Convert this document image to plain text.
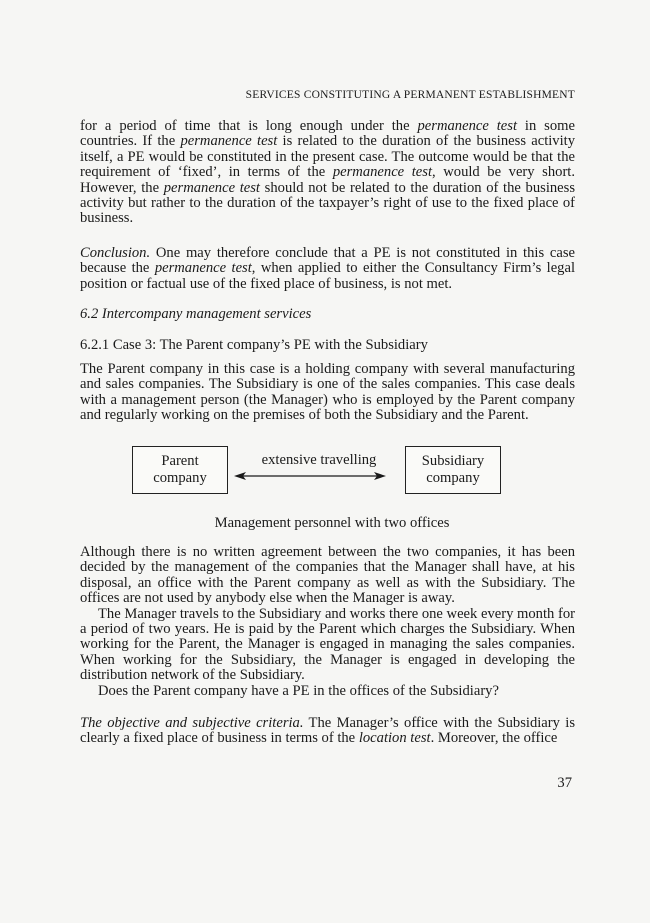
SERVICES CONSTITUTING A PERMANENT ESTABLISHMENT

for a period of time that is long enough under the permanence test in some countries. If the permanence test is related to the duration of the business activity itself, a PE would be constituted in the present case. The outcome would be that the requirement of ‘fixed’, in terms of the permanence test, would be very short. However, the permanence test should not be related to the duration of the business activity but rather to the duration of the taxpayer’s right of use to the fixed place of business.

Conclusion. One may therefore conclude that a PE is not constituted in this case because the permanence test, when applied to either the Consultancy Firm’s legal position or factual use of the fixed place of business, is not met.

6.2 Intercompany management services
6.2.1 Case 3: The Parent company’s PE with the Subsidiary
The Parent company in this case is a holding company with several manufacturing and sales companies. The Subsidiary is one of the sales companies. This case deals with a management person (the Manager) who is employed by the Parent company and regularly working on the premises of both the Subsidiary and the Parent.
Parent
company
extensive travelling	Subsidiary
company
Management personnel with two offices

Although there is no written agreement between the two companies, it has been decided by the management of the companies that the Manager shall have, at his disposal, an office with the Parent company as well as with the Subsidiary. The offices are not used by anybody else when the Manager is away.

The Manager travels to the Subsidiary and works there one week every month for a period of two years. He is paid by the Parent which charges the Subsidiary. When working for the Parent, the Manager is engaged in managing the sales companies. When working for the Subsidiary, the Manager is engaged in developing the distribution network of the Subsidiary.

Does the Parent company have a PE in the offices of the Subsidiary?

The objective and subjective criteria. The Manager’s office with the Subsidiary is clearly a fixed place of business in terms of the location test. Moreover, the office

37
